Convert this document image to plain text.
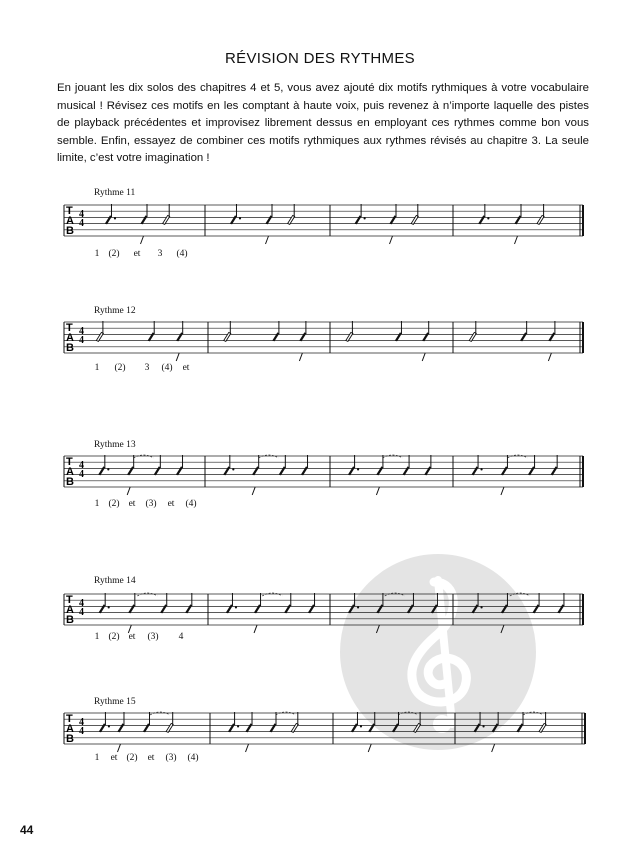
RÉVISION DES RYTHMES
En jouant les dix solos des chapitres 4 et 5, vous avez ajouté dix motifs rythmiques à votre vocabulaire musical ! Révisez ces motifs en les comptant à haute voix, puis revenez à n’importe laquelle des pistes de playback précédentes et improvisez librement dessus en employant ces rythmes comme bon vous semble. Enfin, essayez de combiner ces motifs rythmiques aux rythmes révisés au chapitre 3. La seule limite, c’est votre imagination !
Rythme 11
T
A
B
4
4
1 (2) et 3 (4)
Rythme 12
T
A
B
4
4
1 (2) 3 (4) et
Rythme 13
T
A
B
4
4
1 (2) et (3) et (4)
Rythme 14
T
A
B
4
4
1 (2) et (3) 4
Rythme 15
T
A
B
4
4
1 et (2) et (3) (4)
44
